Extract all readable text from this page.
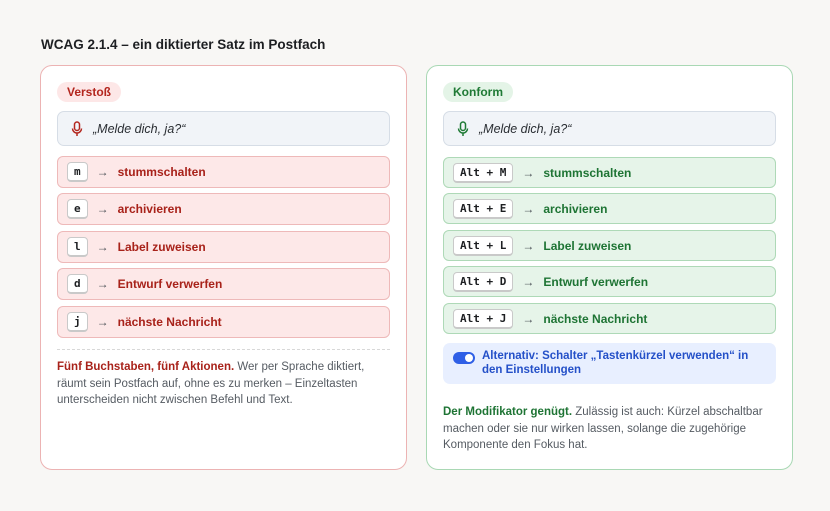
WCAG 2.1.4 – ein diktierter Satz im Postfach
Verstoß
„Melde dich, ja?“
m	→ stummschalten
e	→ archivieren
l	→ Label zuweisen
d	→ Entwurf verwerfen
j	→ nächste Nachricht

Fünf Buchstaben, fünf Aktionen. Wer per Sprache diktiert, räumt sein Postfach auf, ohne es zu merken – Einzeltasten unterscheiden nicht zwischen Befehl und Text.

Konform
„Melde dich, ja?“
Alt + M	→ stummschalten
Alt + E	→ archivieren
Alt + L	→ Label zuweisen
Alt + D	→ Entwurf verwerfen
Alt + J	→ nächste Nachricht
Alternativ: Schalter „Tastenkürzel verwenden“ in den Einstellungen

Der Modifikator genügt. Zulässig ist auch: Kürzel abschaltbar machen oder sie nur wirken lassen, solange die zugehörige Komponente den Fokus hat.
